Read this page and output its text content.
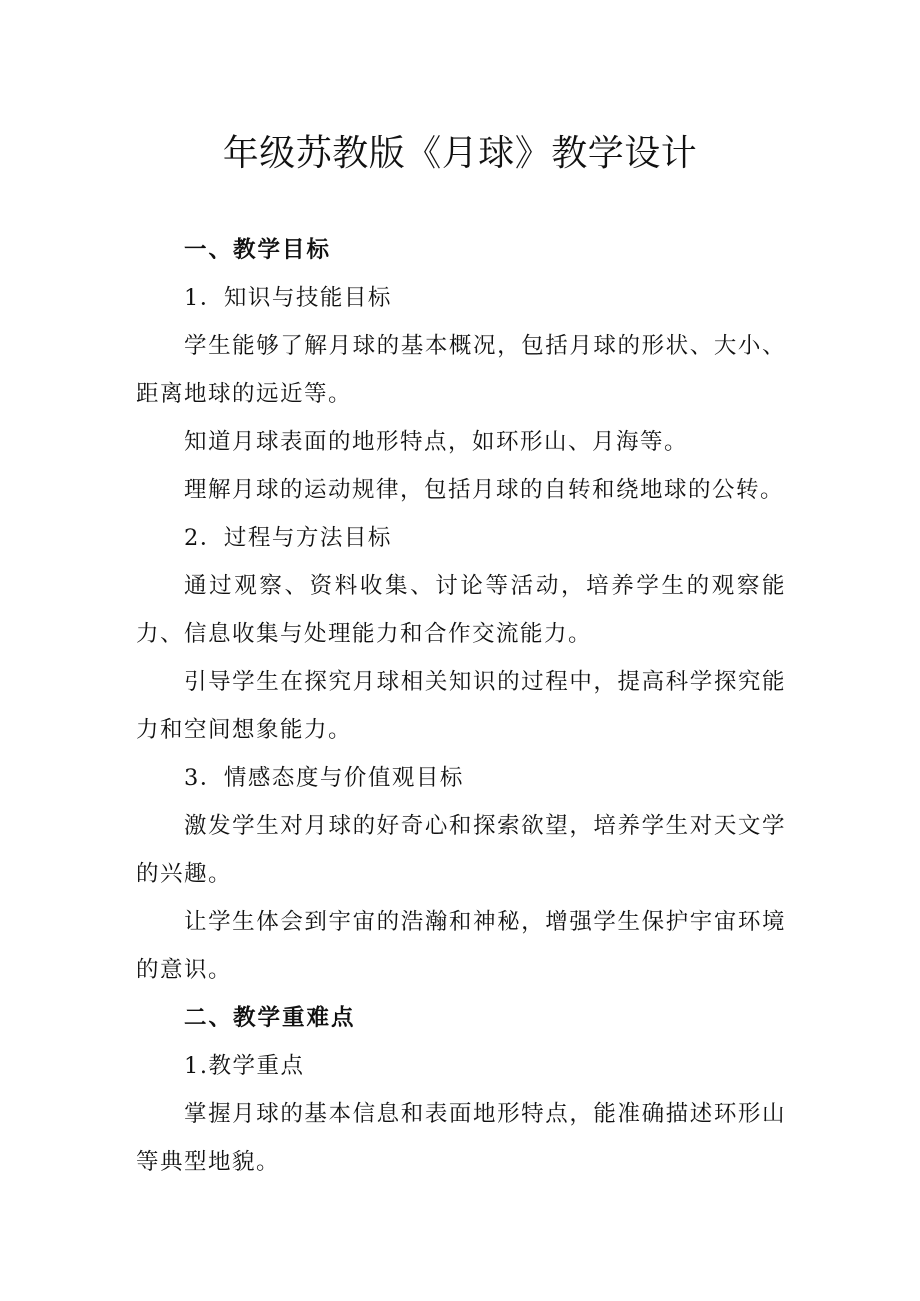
年级苏教版《月球》教学设计

一、教学目标

1．知识与技能目标

学生能够了解月球的基本概况，包括月球的形状、大小、距离地球的远近等。

知道月球表面的地形特点，如环形山、月海等。

理解月球的运动规律，包括月球的自转和绕地球的公转。

2．过程与方法目标

通过观察、资料收集、讨论等活动，培养学生的观察能力、信息收集与处理能力和合作交流能力。

引导学生在探究月球相关知识的过程中，提高科学探究能力和空间想象能力。

3．情感态度与价值观目标

激发学生对月球的好奇心和探索欲望，培养学生对天文学的兴趣。

让学生体会到宇宙的浩瀚和神秘，增强学生保护宇宙环境的意识。

二、教学重难点

1.教学重点

掌握月球的基本信息和表面地形特点，能准确描述环形山等典型地貌。
